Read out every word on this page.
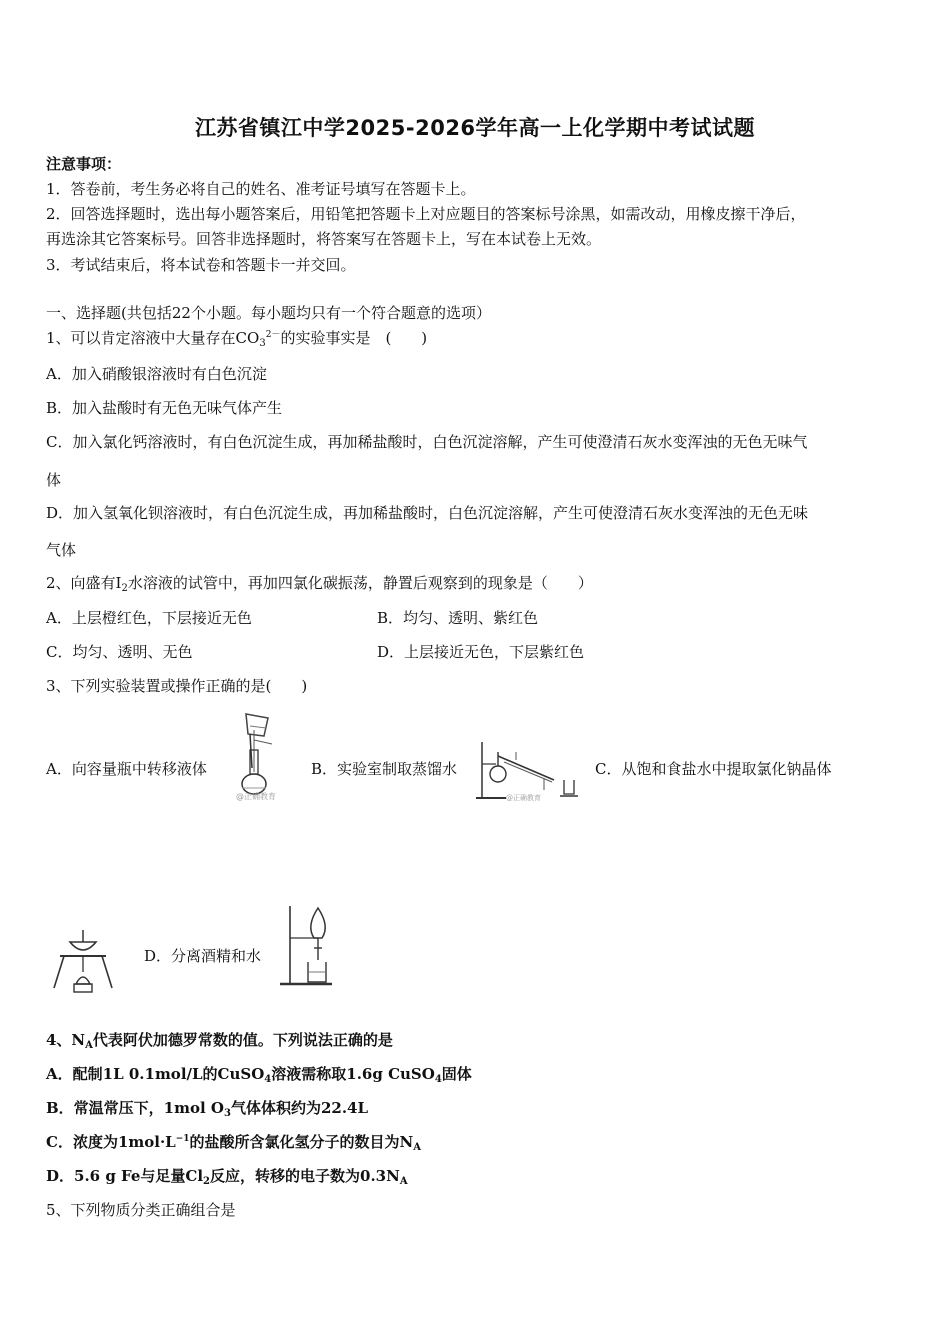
江苏省镇江中学2025-2026学年高一上化学期中考试试题
注意事项：
1．答卷前，考生务必将自己的姓名、准考证号填写在答题卡上。
2．回答选择题时，选出每小题答案后，用铅笔把答题卡上对应题目的答案标号涂黑，如需改动，用橡皮擦干净后，
再选涂其它答案标号。回答非选择题时，将答案写在答题卡上，写在本试卷上无效。
3．考试结束后，将本试卷和答题卡一并交回。
一、选择题(共包括22个小题。每小题均只有一个符合题意的选项）
1、可以肯定溶液中大量存在$CO_3^{2-}$的实验事实是　(　　)
A．加入硝酸银溶液时有白色沉淀
B．加入盐酸时有无色无味气体产生
C．加入氯化钙溶液时，有白色沉淀生成，再加稀盐酸时，白色沉淀溶解，产生可使澄清石灰水变浑浊的无色无味气
体
D．加入氢氧化钡溶液时，有白色沉淀生成，再加稀盐酸时，白色沉淀溶解，产生可使澄清石灰水变浑浊的无色无味
气体
2、向盛有$I_2$水溶液的试管中，再加四氯化碳振荡，静置后观察到的现象是（　　）
A．上层橙红色，下层接近无色	B．均匀、透明、紫红色
C．均匀、透明、无色	D．上层接近无色，下层紫红色
3、下列实验装置或操作正确的是(　　)
A．向容量瓶中转移液体
@正确教育
B．实验室制取蒸馏水
@正确教育
C．从饱和食盐水中提取氯化钠晶体
D．分离酒精和水
4、$N_A$代表阿伏加德罗常数的值。下列说法正确的是
A．配制1L 0.1mol/L的CuSO$_4$溶液需称取1.6g CuSO$_4$固体
B．常温常压下，1mol $O_3$气体体积约为22.4L
C．浓度为$1mol\cdot L^{-1}$的盐酸所含氯化氢分子的数目为$N_A$
D．5.6 g Fe与足量$Cl_2$反应，转移的电子数为$0.3N_A$
5、下列物质分类正确组合是
